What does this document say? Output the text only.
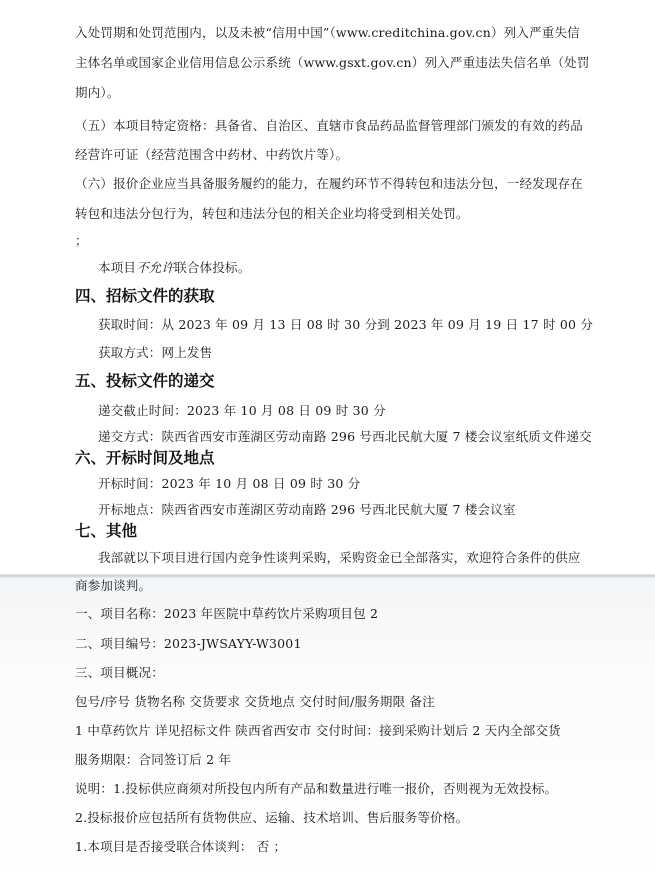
入处罚期和处罚范围内，以及未被“信用中国”（www.creditchina.gov.cn）列入严重失信
主体名单或国家企业信用信息公示系统（www.gsxt.gov.cn）列入严重违法失信名单（处罚
期内）。
（五）本项目特定资格：具备省、自治区、直辖市食品药品监督管理部门颁发的有效的药品
经营许可证（经营范围含中药材、中药饮片等）。
（六）报价企业应当具备服务履约的能力，在履约环节不得转包和违法分包，一经发现存在
转包和违法分包行为，转包和违法分包的相关企业均将受到相关处罚。
；
本项目不允许联合体投标。
四、招标文件的获取
获取时间：从 2023 年 09 月 13 日 08 时 30 分到 2023 年 09 月 19 日 17 时 00 分
获取方式：网上发售
五、投标文件的递交
递交截止时间：2023 年 10 月 08 日 09 时 30 分
递交方式：陕西省西安市莲湖区劳动南路 296 号西北民航大厦 7 楼会议室纸质文件递交
六、开标时间及地点
开标时间：2023 年 10 月 08 日 09 时 30 分
开标地点：陕西省西安市莲湖区劳动南路 296 号西北民航大厦 7 楼会议室
七、其他
我部就以下项目进行国内竞争性谈判采购，采购资金已全部落实，欢迎符合条件的供应
商参加谈判。
一、项目名称：2023 年医院中草药饮片采购项目包 2
二、项目编号：2023-JWSAYY-W3001
三、项目概况：
包号/序号 货物名称 交货要求 交货地点 交付时间/服务期限 备注
1 中草药饮片 详见招标文件 陕西省西安市 交付时间：接到采购计划后 2 天内全部交货
服务期限：合同签订后 2 年
说明：1.投标供应商须对所投包内所有产品和数量进行唯一报价，否则视为无效投标。
2.投标报价应包括所有货物供应、运输、技术培训、售后服务等价格。
1.本项目是否接受联合体谈判： 否 ；
